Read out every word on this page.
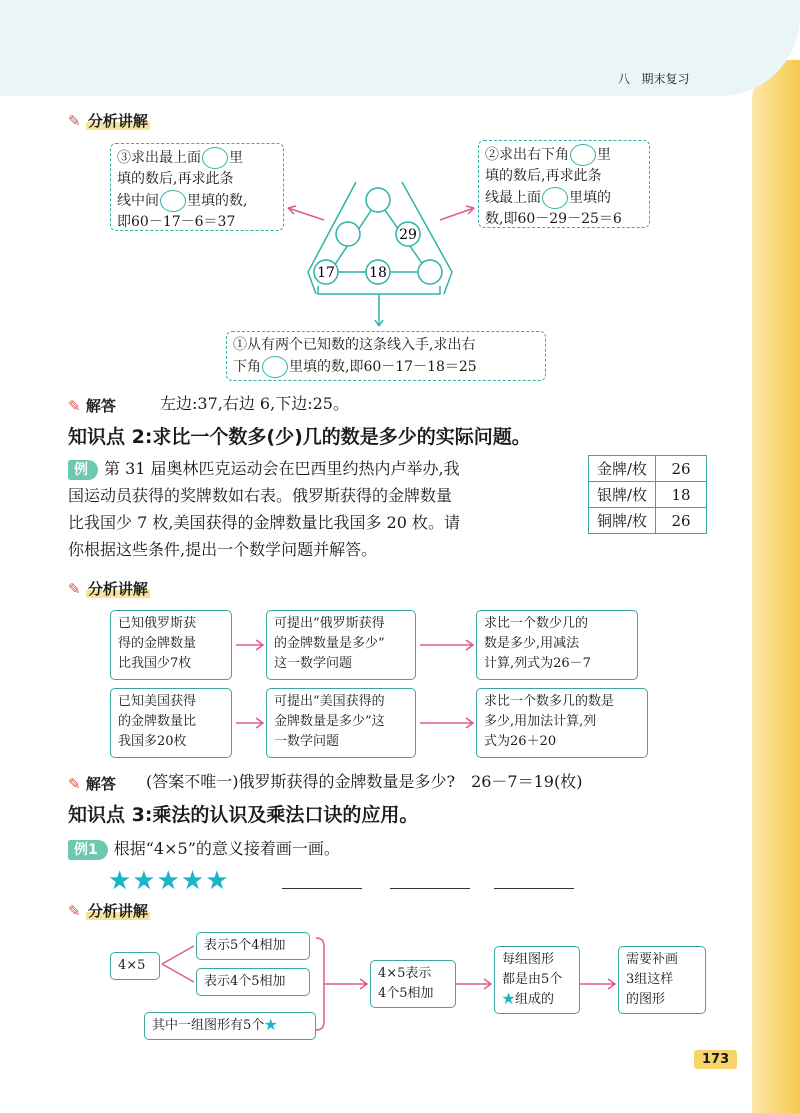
八 期末复习
✎ 分析讲解
③求出最上面 里
填的数后,再求此条
线中间 里填的数,
即60－17－6＝37
②求出右下角 里
填的数后,再求此条
线最上面 里填的
数,即60－29－25＝6
29
17 18
①从有两个已知数的这条线入手,求出右
下角 里填的数,即60－17－18＝25
✎ 解答	左边:37,右边 6,下边:25。
知识点 2:求比一个数多(少)几的数是多少的实际问题。
例 第 31 届奥林匹克运动会在巴西里约热内卢举办,我
国运动员获得的奖牌数如右表。俄罗斯获得的金牌数量
比我国少 7 枚,美国获得的金牌数量比我国多 20 枚。请
你根据这些条件,提出一个数学问题并解答。
金牌/枚	26
银牌/枚	18
铜牌/枚	26
✎ 分析讲解
已知俄罗斯获
得的金牌数量
比我国少7枚
可提出“俄罗斯获得
的金牌数量是多少”
这一数学问题
求比一个数少几的
数是多少,用减法
计算,列式为26－7
已知美国获得
的金牌数量比
我国多20枚
可提出“美国获得的
金牌数量是多少”这
一数学问题
求比一个数多几的数是
多少,用加法计算,列
式为26＋20
✎ 解答 (答案不唯一)俄罗斯获得的金牌数量是多少?　26－7＝19(枚)
知识点 3:乘法的认识及乘法口诀的应用。
例1 根据“4×5”的意义接着画一画。
★★★★★
✎ 分析讲解
4×5
表示5个4相加
表示4个5相加
其中一组图形有5个★
4×5表示
4个5相加
每组图形
都是由5个
★组成的
需要补画
3组这样
的图形
173
